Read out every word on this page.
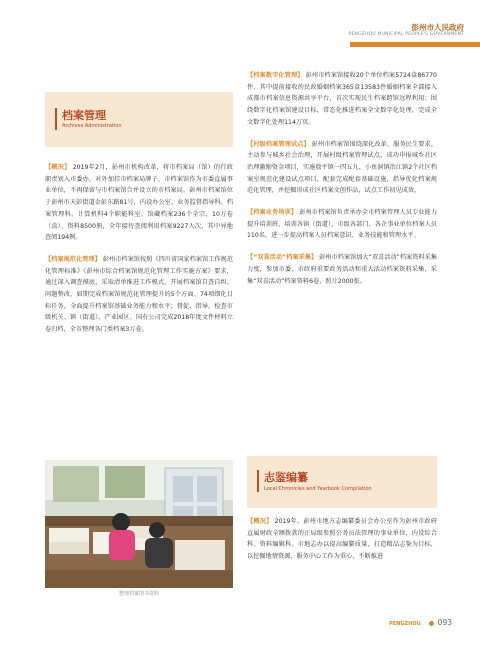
彭州市人民政府
PENGZHOU MUNICIPAL PEOPLE'S GOVERNMENT
档案管理
Archives Administration
【概况】 2019年2月，彭州市机构改革，将市档案局（馆）的行政职责划入市委办，对外加挂市档案局牌子，市档案馆作为市委直属事业单位，不再保留与市档案馆合并设立的市档案局。彭州市档案馆位于彭州市天彭街道金彭东路81号，内设办公室、业务监督指导科、档案管理科，计算机科4个职能科室，馆藏档案236个全宗，10万卷（盒）、资料8500册，全年接待查阅利用档案9227人次，其中异地查阅194例。
【档案规范化管理】 彭州市档案馆按照《四川省国家档案馆工作规范化管理标准》《彭州市综合档案馆规范化管理工作实施方案》要求，通过深入调查摸底，采取清单推进工作模式，开展档案馆自查自纠、问题整改，如期完成档案馆规范化管理提升的5个方面、74项细化目标任务，全面提升档案馆基础业务能力和水平；督促、指导、检查市级机关、镇（街道）、产业园区、国有公司完成2018年度文件材料立卷归档，全市整理各门类档案3万卷。
【档案数字化管理】 彭州市档案馆接收20个单位档案5724盒86770件，其中提前接收的民政婚姻档案365盒13583件婚姻档案全部接入成都市档案信息资源共享平台，首次实现民生档案跨馆远程利用；围绕数字化档案馆建设目标，常态化推进档案全文数字化处理，完成全文数字化处理114万页。
【村级档案管理试点】 彭州市档案馆围绕深化改革、服务民生要求，主动参与城乡社会治理，开展村级档案管理试点，成功申报城乡社区治理激励资金项目，实施敖平镇一四五九、小鱼洞镇治江镇2个社区档案室规范化建设试点项目，配套完成配套基础设施，指导优化档案规范化管理，并挖掘形成社区档案文创作品，试点工作初见成效。
【档案业务培训】 彭州市档案馆负责承办全市档案管理人员专业能力提升培训班，培训各镇（街道）、市级各部门、各企事业单位档案人员110名，进一步提高档案人员档案意识、业务技能和管理水平。
【“双喜活动”档案采集】 彭州市档案馆加大“双喜活动”档案资料采集力度，参加市委、市政府重要政务活动和重大活动档案资料采集，采集“双喜活动”档案资料6卷，照片2000张。
志鉴编纂
Local Chronicles and Yearbook Compilation
【概况】 2019年，彭州市地方志编纂委员会办公室作为彭州市政府直属财政全额拨款的正局级参照公务员法管理的事业单位，内设综合科、资料编辑科。市地志办以提高编纂质量，打造精品志鉴为目标，以挖掘地情资源、服务中心工作为重心，不断推进
整理档案图书资料
PENGZHOU 093
